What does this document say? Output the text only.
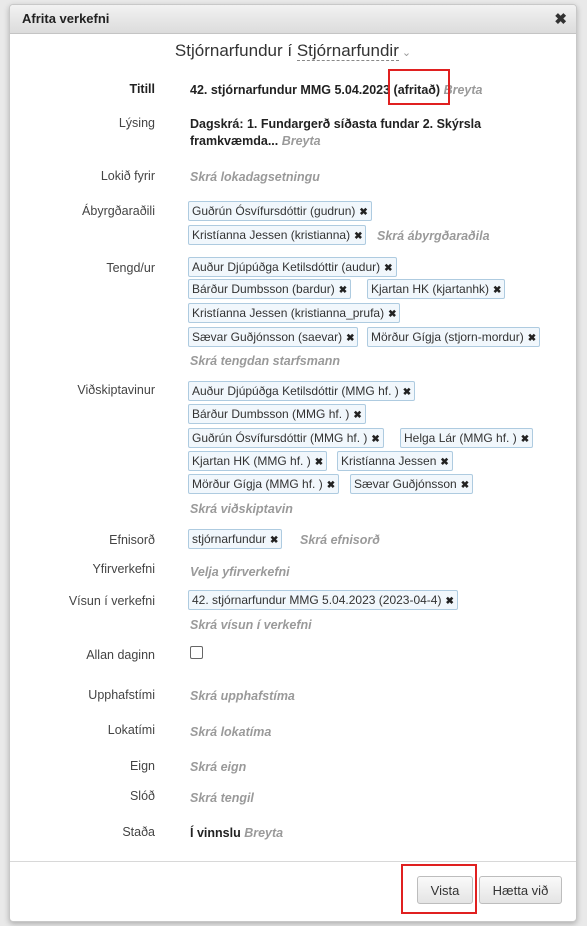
Afrita verkefni	✖
Stjórnarfundur í Stjórnarfundir ⌄
Titill	42. stjórnarfundur MMG 5.04.2023 (afritað) Breyta
Lýsing	Dagskrá: 1. Fundargerð síðasta fundar 2. Skýrsla
framkvæmda... Breyta
Lokið fyrir	Skrá lokadagsetningu
Ábyrgðaraðili	Guðrún Ósvífursdóttir (gudrun) ✖
Kristíanna Jessen (kristianna) ✖	Skrá ábyrgðaraðila
Tengd/ur	Auður Djúpúðga Ketilsdóttir (audur) ✖
Bárður Dumbsson (bardur) ✖	Kjartan HK (kjartanhk) ✖
Kristíanna Jessen (kristianna_prufa) ✖
Sævar Guðjónsson (saevar) ✖	Mörður Gígja (stjorn-mordur) ✖
Skrá tengdan starfsmann
Viðskiptavinur	Auður Djúpúðga Ketilsdóttir (MMG hf. ) ✖
Bárður Dumbsson (MMG hf. ) ✖
Guðrún Ósvífursdóttir (MMG hf. ) ✖	Helga Lár (MMG hf. ) ✖
Kjartan HK (MMG hf. ) ✖	Kristíanna Jessen ✖
Mörður Gígja (MMG hf. ) ✖	Sævar Guðjónsson ✖
Skrá viðskiptavin
Efnisorð	stjórnarfundur ✖	Skrá efnisorð
Yfirverkefni	Velja yfirverkefni
Vísun í verkefni	42. stjórnarfundur MMG 5.04.2023 (2023-04-4) ✖
Skrá vísun í verkefni
Allan daginn
Upphafstími	Skrá upphafstíma
Lokatími	Skrá lokatíma
Eign	Skrá eign
Slóð	Skrá tengil
Staða	Í vinnslu Breyta
Vista	Hætta við
